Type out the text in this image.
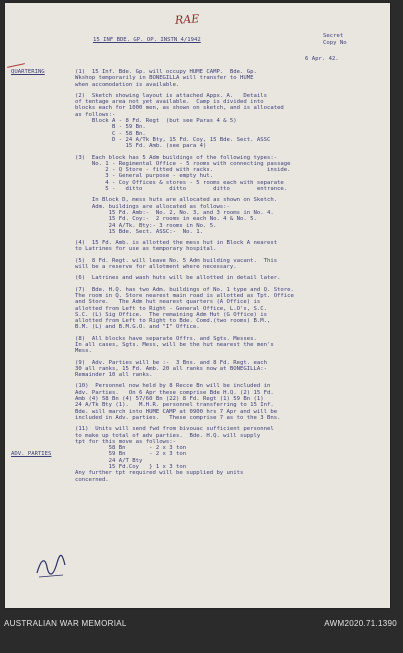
RAE
15 INF BDE. GP. OP. INSTN 4/1942
Secret
Copy No
6 Apr. 42.
QUARTERING
ADV. PARTIES
(1)  15 Inf. Bde. Gp. will occupy HUME CAMP.  Bde. Gp.
Wkshop temporarily in BONEGILLA will transfer to HUME
when accomodation is available.
(2)  Sketch showing layout is attached Appx. A.   Details
of tentage area not yet available.  Camp is divided into
blocks each for 1000 men, as shown on sketch, and is allocated
as follows:-
Block A - 8 Fd. Regt  (but see Paras 4 & 5)
B - 59 Bn.
C - 58 Bn.
D - 24 A/Tk Bty, 15 Fd. Coy, 15 Bde. Sect. ASSC
15 Fd. Amb. (see para 4)
(3)  Each block has 5 Adm buildings of the following types:-
No. 1 - Regimental Office - 5 rooms with connecting passage
2 - Q Store - fitted with racks.                inside.
3 - General purpose - empty hut.
4 - Coy Offices & stores - 5 rooms each with separate
5 -   ditto        ditto        ditto        entrance.
In Block D, mess huts are allocated as shown on Sketch.
Adm. buildings are allocated as follows:-
15 Fd. Amb:-  No. 2, No. 3, and 3 rooms in No. 4.
15 Fd. Coy:-  2 rooms in each No. 4 & No. 5.
24 A/Tk. Bty:- 3 rooms in No. 5.
15 Bde. Sect. ASSC:-  No. 1.
(4)  15 Fd. Amb. is allotted the mess hut in Block A nearest
to Latrines for use as temporary hospital.
(5)  8 Fd. Regt. will leave No. 5 Adm building vacant.  This
will be a reserve for allotment where necessary.
(6)  Latrines and wash huts will be allotted in detail later.
(7)  Bde. H.Q. has two Adm. buildings of No. 1 type and Q. Store.
The room in Q. Store nearest main road is allotted as Tpt. Office
and Store.   The Adm hut nearest quarters (A Office) is
allotted from Left to Right - General Office, L.O's, S.C.
S.C. (L) Sig Office.  The remaining Adm Hut (G Office) is
allotted from Left to Right to Bde. Comd.(two rooms) B.M.,
B.M. (L) and B.M.G.O. and "I" Office.
(8)  All blocks have separate Offrs. and Sgts. Messes.
In all cases, Sgts. Mess, will be the hut nearest the men's
Mess.
(9)  Adv. Parties will be :-  3 Bns. and 8 Fd. Regt. each
30 all ranks, 15 Fd. Amb. 20 all ranks now at BONEGILLA:-
Remainder 10 all ranks.
(10)  Personnel now held by 8 Recce Bn will be included in
Adv. Parties.   On 6 Apr these comprise Bde H.Q. (2) 15 Fd.
Amb (4) 58 Bn (4) 57/60 Bn (22) 8 Fd. Regt (1) 59 Bn (1)
24 A/Tk Bty (1).   M.H.R. personnel transferring to 15 Inf.
Bde. will march into HUME CAMP at 0900 hrs 7 Apr and will be
included in Adv. parties.   These comprise 7 as to the 3 Bns.
(11)  Units will send fwd from bivouac sufficient personnel
to make up total of adv parties.  Bde. H.Q. will supply
tpt for this move as follows:-
58 Bn       - 2 x 3 ton
59 Bn       - 2 x 3 ton
24 A/T Bty
15 Fd.Coy   } 1 x 3 ton
Any further tpt required will be supplied by units
concerned.
AUSTRALIAN WAR MEMORIAL	AWM2020.71.1390
